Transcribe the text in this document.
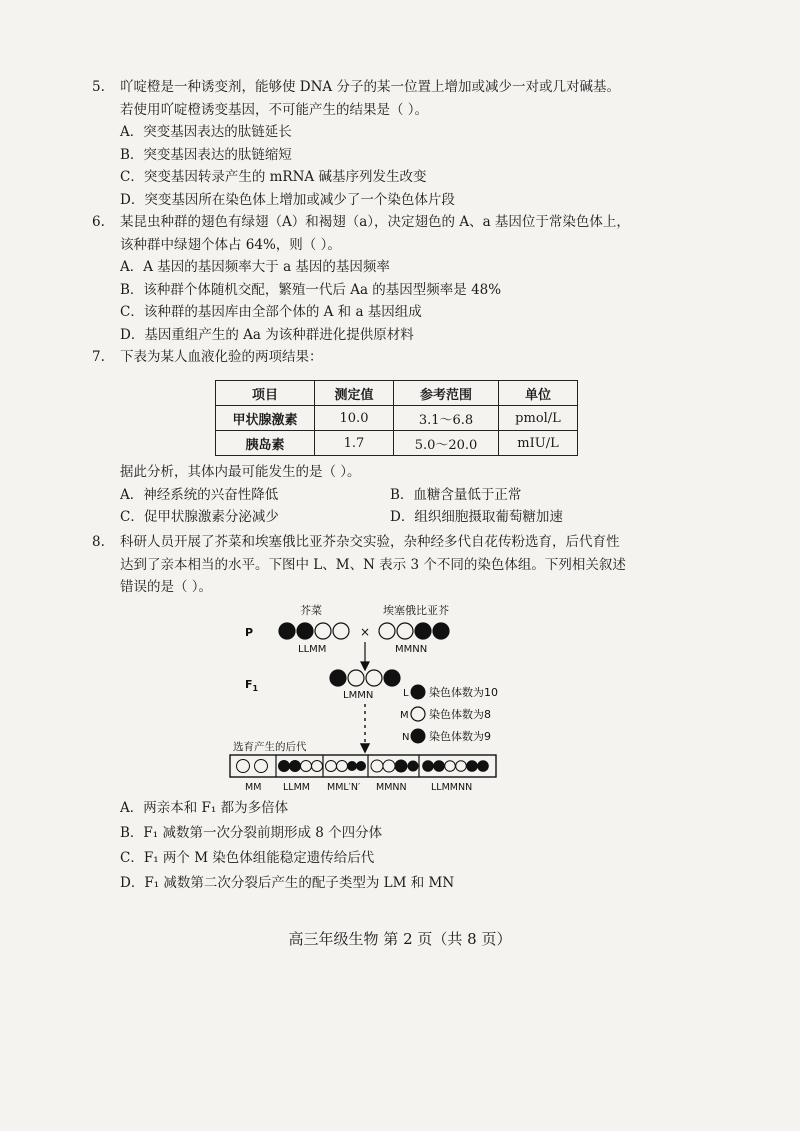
5. 吖啶橙是一种诱变剂，能够使 DNA 分子的某一位置上增加或减少一对或几对碱基。
若使用吖啶橙诱变基因，不可能产生的结果是（ ）。
A．突变基因表达的肽链延长
B．突变基因表达的肽链缩短
C．突变基因转录产生的 mRNA 碱基序列发生改变
D．突变基因所在染色体上增加或减少了一个染色体片段
6. 某昆虫种群的翅色有绿翅（A）和褐翅（a），决定翅色的 A、a 基因位于常染色体上，
该种群中绿翅个体占 64%，则（ ）。
A．A 基因的基因频率大于 a 基因的基因频率
B．该种群个体随机交配，繁殖一代后 Aa 的基因型频率是 48%
C．该种群的基因库由全部个体的 A 和 a 基因组成
D．基因重组产生的 Aa 为该种群进化提供原材料
7. 下表为某人血液化验的两项结果：
项目	测定值	参考范围	单位
甲状腺激素	10.0	3.1～6.8	pmol/L
胰岛素	1.7	5.0～20.0	mIU/L
据此分析，其体内最可能发生的是（ ）。
A．神经系统的兴奋性降低	B．血糖含量低于正常
C．促甲状腺激素分泌减少	D．组织细胞摄取葡萄糖加速
8. 科研人员开展了芥菜和埃塞俄比亚芥杂交实验，杂种经多代自花传粉选育，后代育性
达到了亲本相当的水平。下图中 L、M、N 表示 3 个不同的染色体组。下列相关叙述
错误的是（ ）。
P
$F_1$
芥菜	埃塞俄比亚芥
×
LLMM	MMNN
LMMN
选育产生的后代
L 染色体数为10
M 染色体数为8
N 染色体数为9
MM LLMM MML′N′ MMNN	LLMMNN
A．两亲本和 F₁ 都为多倍体
B．F₁ 减数第一次分裂前期形成 8 个四分体
C．F₁ 两个 M 染色体组能稳定遗传给后代
D．F₁ 减数第二次分裂后产生的配子类型为 LM 和 MN
高三年级生物 第 2 页（共 8 页）
